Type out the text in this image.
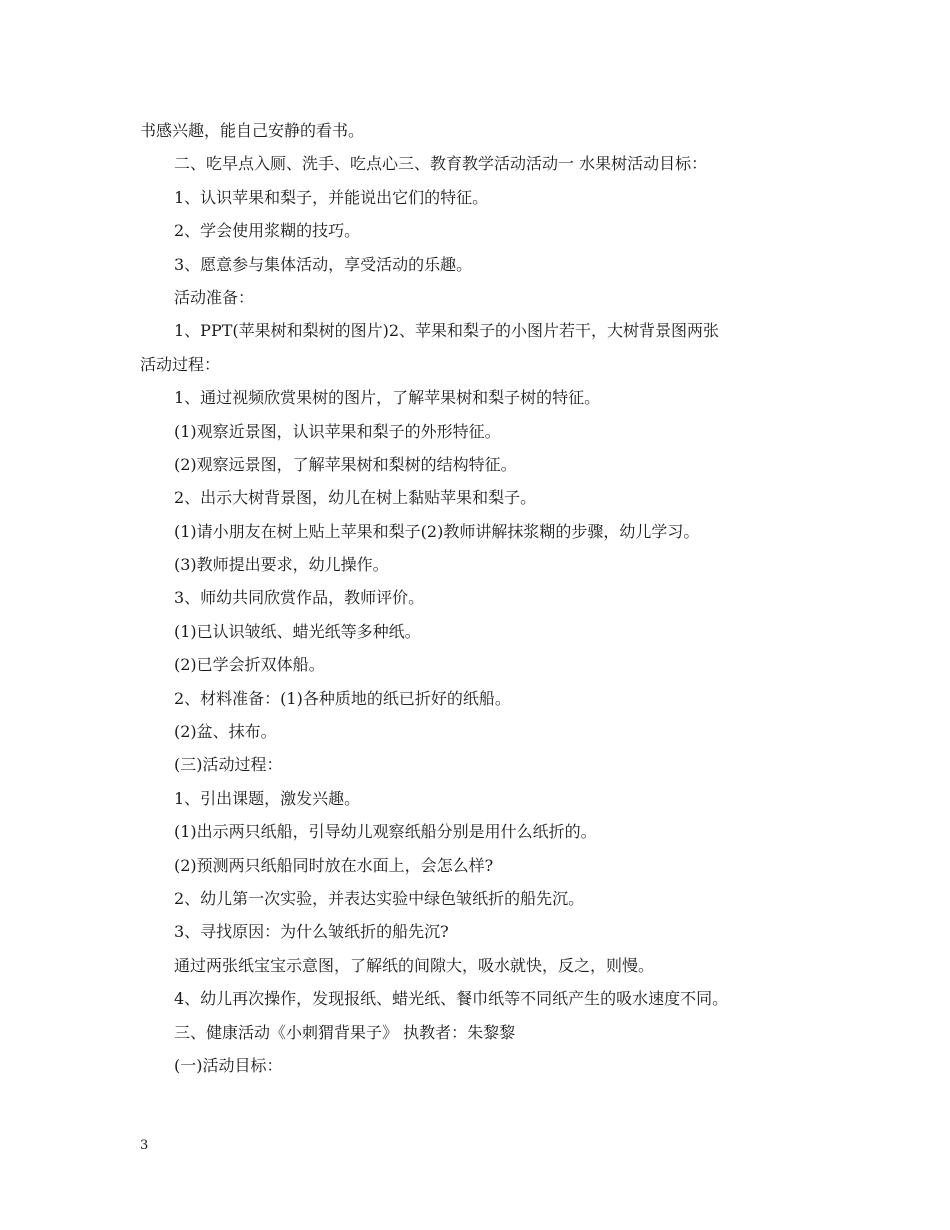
书感兴趣，能自己安静的看书。

二、吃早点入厕、洗手、吃点心三、教育教学活动活动一 水果树活动目标：

1、认识苹果和梨子，并能说出它们的特征。

2、学会使用浆糊的技巧。

3、愿意参与集体活动，享受活动的乐趣。

活动准备：

1、PPT(苹果树和梨树的图片)2、苹果和梨子的小图片若干，大树背景图两张

活动过程：

1、通过视频欣赏果树的图片，了解苹果树和梨子树的特征。

(1)观察近景图，认识苹果和梨子的外形特征。

(2)观察远景图，了解苹果树和梨树的结构特征。

2、出示大树背景图，幼儿在树上黏贴苹果和梨子。

(1)请小朋友在树上贴上苹果和梨子(2)教师讲解抹浆糊的步骤，幼儿学习。

(3)教师提出要求，幼儿操作。

3、师幼共同欣赏作品，教师评价。

(1)已认识皱纸、蜡光纸等多种纸。

(2)已学会折双体船。

2、材料准备：(1)各种质地的纸已折好的纸船。

(2)盆、抹布。

(三)活动过程：

1、引出课题，激发兴趣。

(1)出示两只纸船，引导幼儿观察纸船分别是用什么纸折的。

(2)预测两只纸船同时放在水面上，会怎么样?

2、幼儿第一次实验，并表达实验中绿色皱纸折的船先沉。

3、寻找原因：为什么皱纸折的船先沉?

通过两张纸宝宝示意图，了解纸的间隙大，吸水就快，反之，则慢。

4、幼儿再次操作，发现报纸、蜡光纸、餐巾纸等不同纸产生的吸水速度不同。

三、健康活动《小刺猬背果子》 执教者：朱黎黎

(一)活动目标：

3
